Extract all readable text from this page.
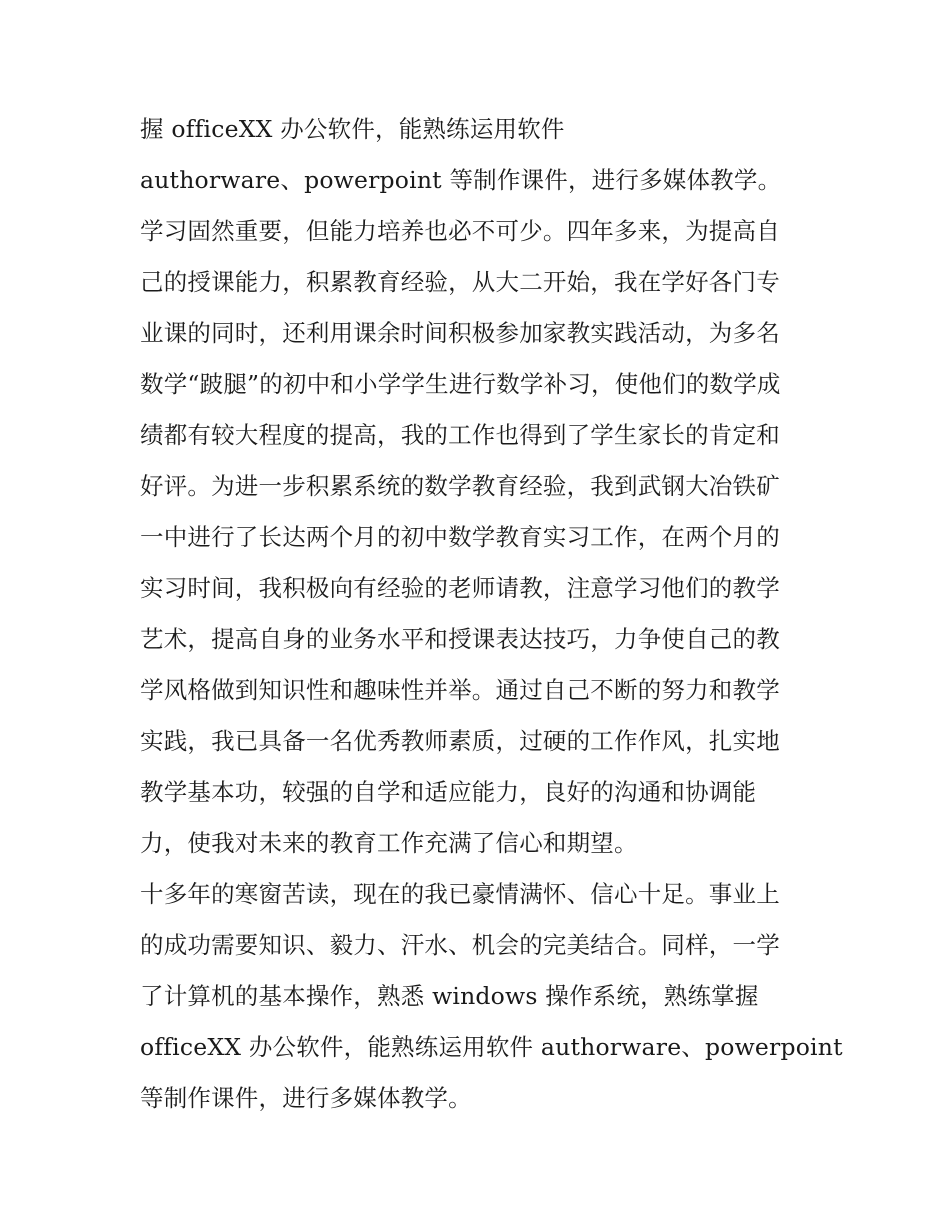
握 officeXX 办公软件，能熟练运用软件
authorware、powerpoint 等制作课件，进行多媒体教学。
学习固然重要，但能力培养也必不可少。四年多来，为提高自
己的授课能力，积累教育经验，从大二开始，我在学好各门专
业课的同时，还利用课余时间积极参加家教实践活动，为多名
数学“跛腿”的初中和小学学生进行数学补习，使他们的数学成
绩都有较大程度的提高，我的工作也得到了学生家长的肯定和
好评。为进一步积累系统的数学教育经验，我到武钢大冶铁矿
一中进行了长达两个月的初中数学教育实习工作，在两个月的
实习时间，我积极向有经验的老师请教，注意学习他们的教学
艺术，提高自身的业务水平和授课表达技巧，力争使自己的教
学风格做到知识性和趣味性并举。通过自己不断的努力和教学
实践，我已具备一名优秀教师素质，过硬的工作作风，扎实地
教学基本功，较强的自学和适应能力，良好的沟通和协调能
力，使我对未来的教育工作充满了信心和期望。
十多年的寒窗苦读，现在的我已豪情满怀、信心十足。事业上
的成功需要知识、毅力、汗水、机会的完美结合。同样，一学
了计算机的基本操作，熟悉 windows 操作系统，熟练掌握
officeXX 办公软件，能熟练运用软件 authorware、powerpoint
等制作课件，进行多媒体教学。
